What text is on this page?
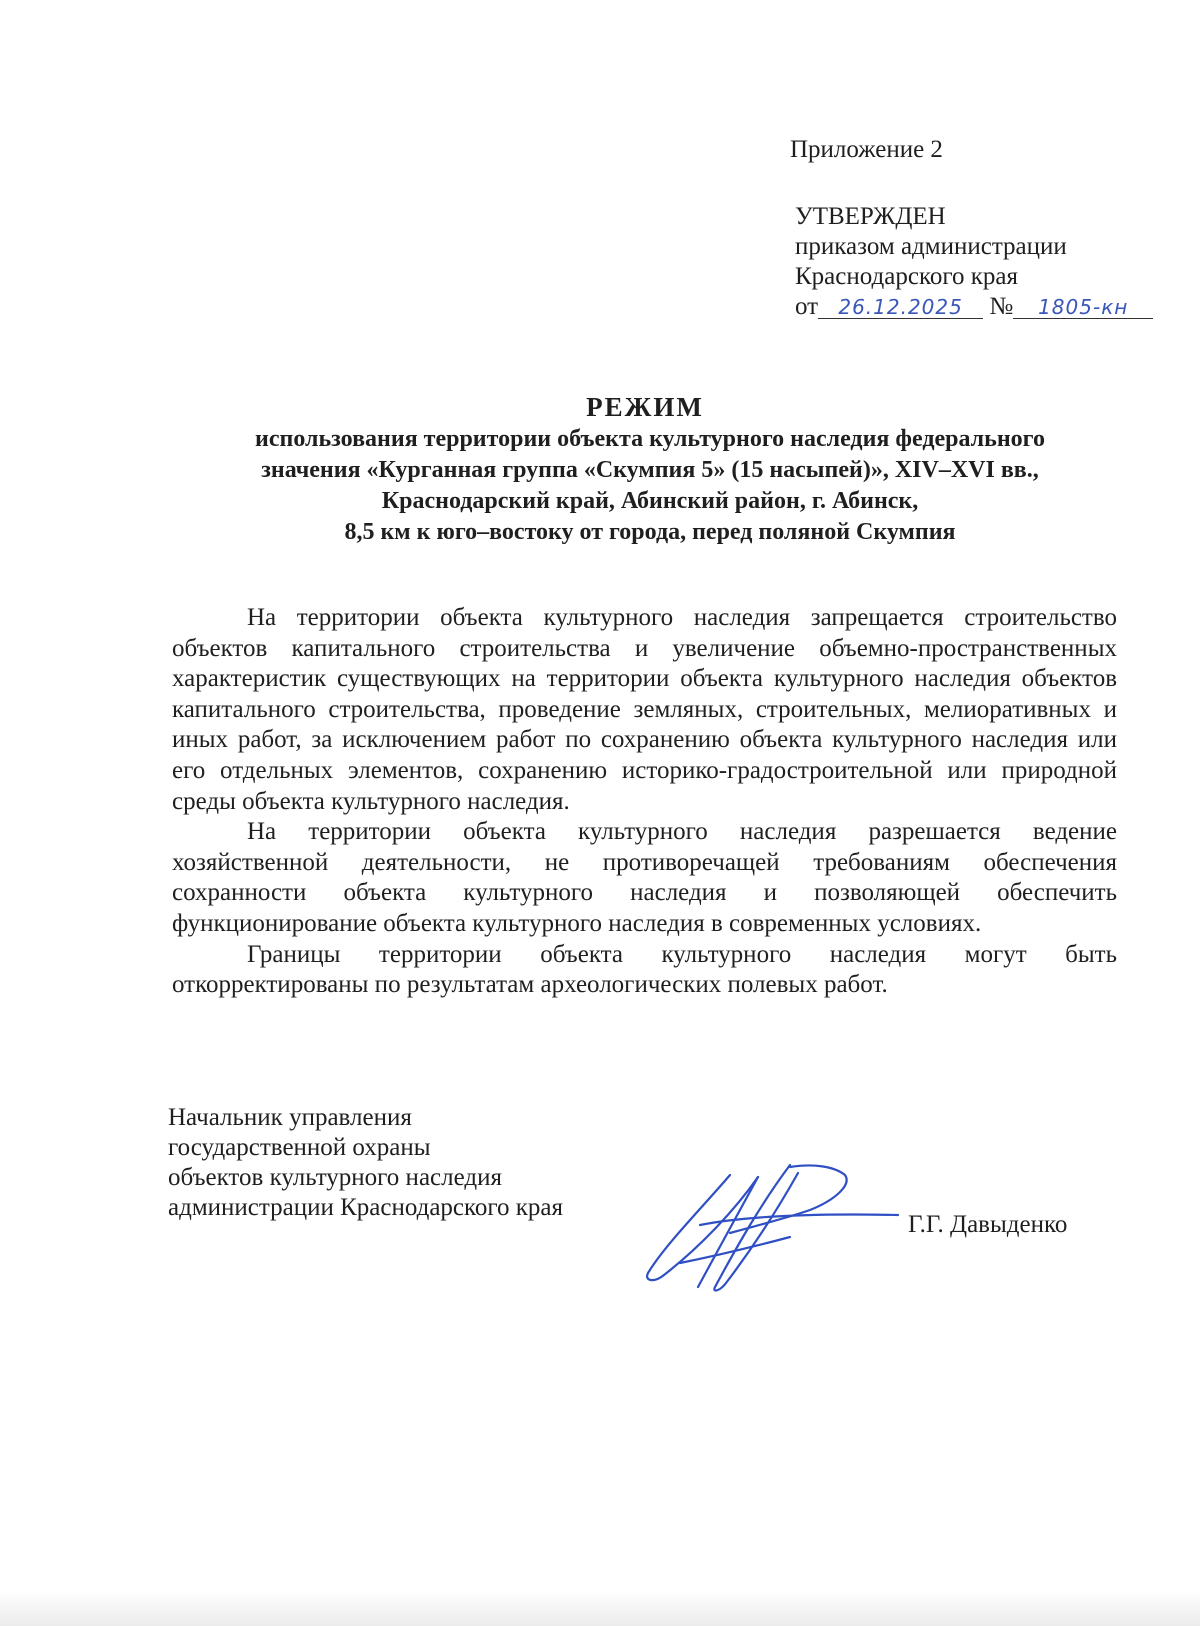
Приложение 2
УТВЕРЖДЕН
приказом администрации
Краснодарского края
от 26.12.2025 № 1805-кн
РЕЖИМ
использования территории объекта культурного наследия федерального
значения «Курганная группа «Скумпия 5» (15 насыпей)», XIV–XVI вв.,
Краснодарский край, Абинский район, г. Абинск,
8,5 км к юго–востоку от города, перед поляной Скумпия

На территории объекта культурного наследия запрещается строительство объектов капитального строительства и увеличение объемно-пространственных характеристик существующих на территории объекта культурного наследия объектов капитального строительства, проведение земляных, строительных, мелиоративных и иных работ, за исключением работ по сохранению объекта культурного наследия или его отдельных элементов, сохранению историко-градостроительной или природной среды объекта культурного наследия.

На территории объекта культурного наследия разрешается ведение хозяйственной деятельности, не противоречащей требованиям обеспечения сохранности объекта культурного наследия и позволяющей обеспечить функционирование объекта культурного наследия в современных условиях.

Границы территории объекта культурного наследия могут быть откорректированы по результатам археологических полевых работ.

Начальник управления
государственной охраны
объектов культурного наследия
администрации Краснодарского края
Г.Г. Давыденко
